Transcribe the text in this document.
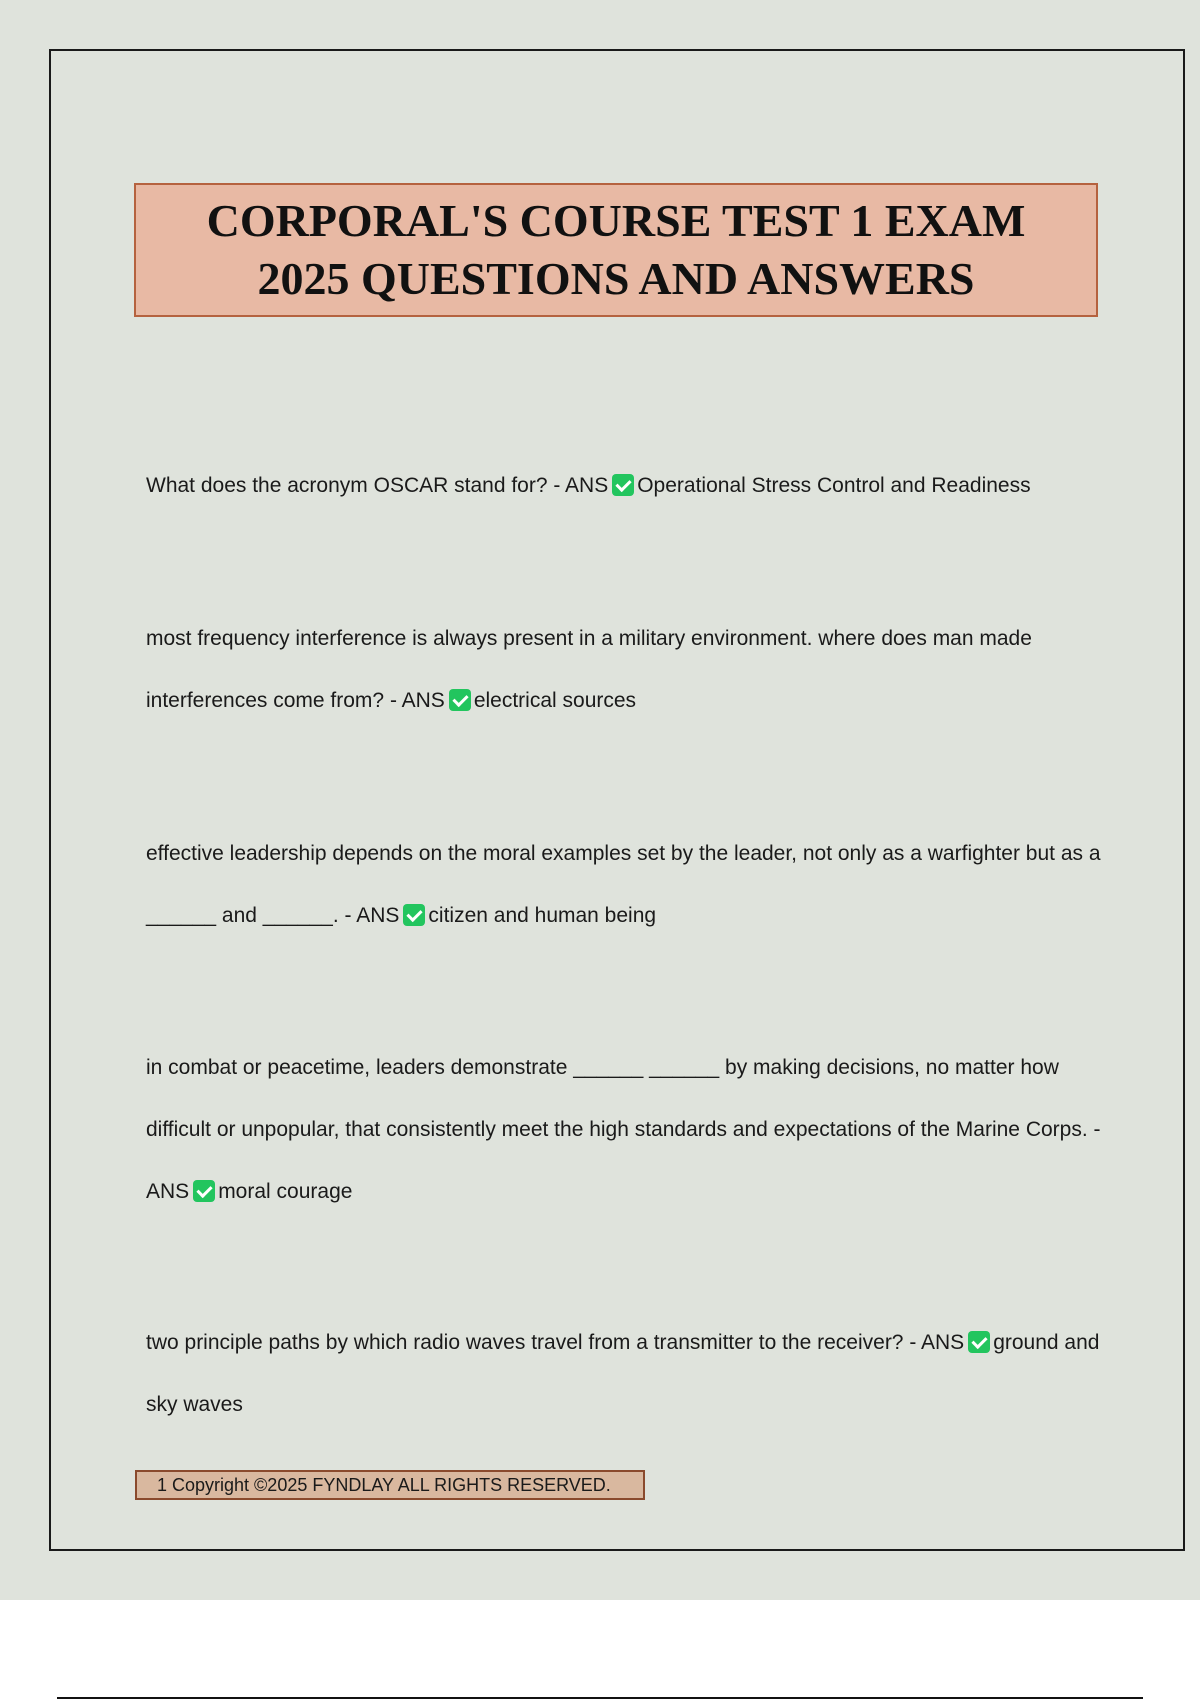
CORPORAL'S COURSE TEST 1 EXAM
2025 QUESTIONS AND ANSWERS

What does the acronym OSCAR stand for? - ANS Operational Stress Control and Readiness

most frequency interference is always present in a military environment. where does man made interferences come from? - ANS electrical sources

effective leadership depends on the moral examples set by the leader, not only as a warfighter but as a ______ and ______. - ANS citizen and human being

in combat or peacetime, leaders demonstrate ______ ______ by making decisions, no matter how difficult or unpopular, that consistently meet the high standards and expectations of the Marine Corps. - ANS moral courage

two principle paths by which radio waves travel from a transmitter to the receiver? - ANS ground and sky waves

1 Copyright ©2025 FYNDLAY ALL RIGHTS RESERVED.
